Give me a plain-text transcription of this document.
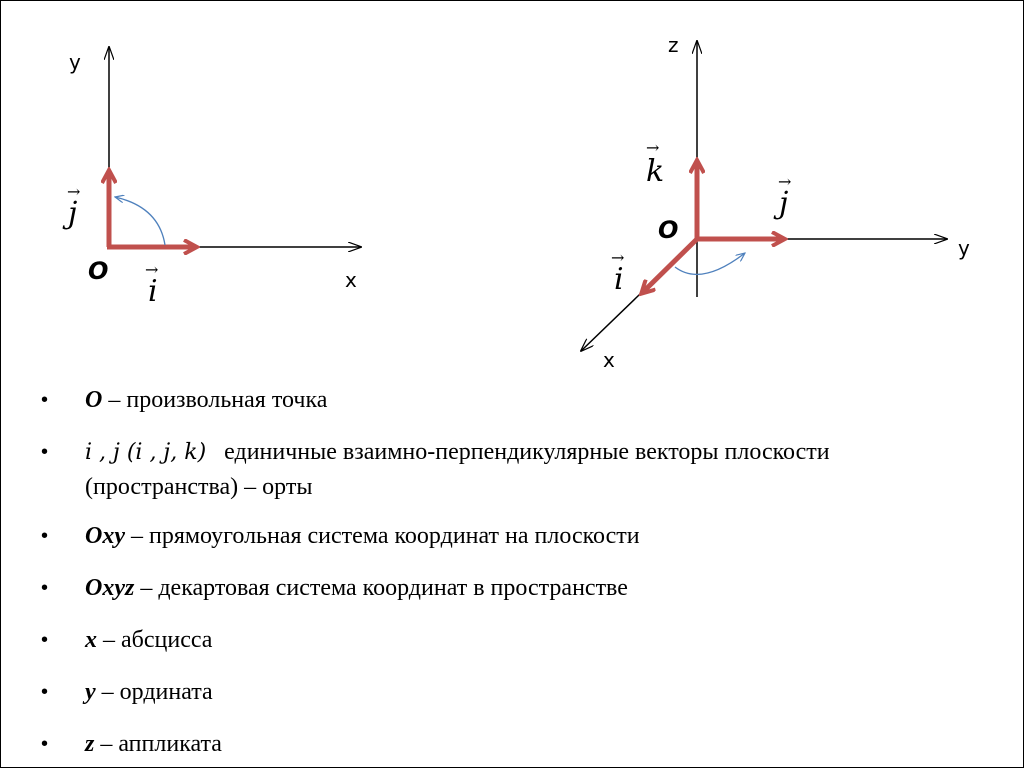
y
x
O
→
j
→
i
z
y
x
O
→
k	→
j
→
i
• O – произвольная точка
• i , j (i , j, k) единичные взаимно-перпендикулярные векторы плоскости
(пространства) – орты
• Oxy – прямоугольная система координат на плоскости
• Oxyz – декартовая система координат в пространстве
• x – абсцисса
• y – ордината
• z – аппликата
